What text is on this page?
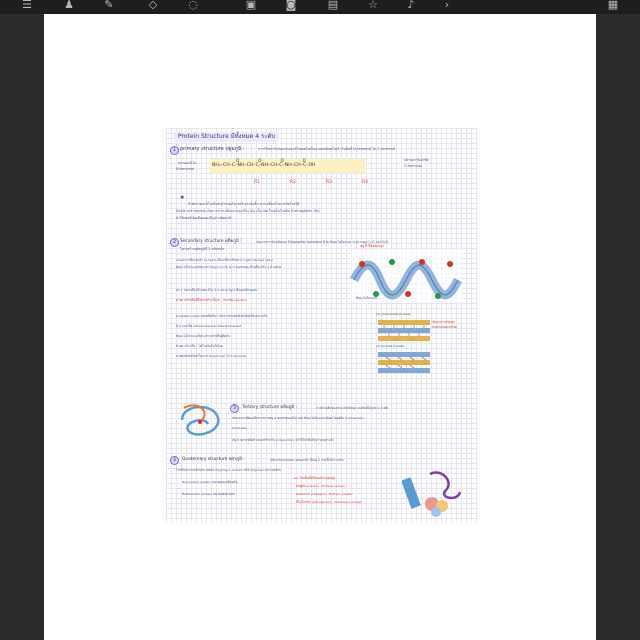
☰	♟	✎	◇	◌	▣	◙	▤	☆	♪	›	▦
Protein Structure มีทั้งหมด 4 ระดับ
1 primary structure ปฐมภูมิ :	การเรียงลำดับของกรดอะมิโนต่อกันเป็นสายพอลิเพปไทด์ เริ่มต้นที่ N-terminal ไป C-terminal
NH₂–CH–C–NH–CH–C–NH–CH–C–NH–CH–C–OH
O               O               O               O
R1	R2	R3	R4
ปลายอะมิโน
N-terminal
ปลายคาร์บอกซิล
C-terminal
✱
ลำดับกรดอะมิโนเป็นตัวกำหนดโครงสร้างระดับอื่น หากเปลี่ยนไปอาจเกิดโรคได้
Sickle cell anemia เกิดจากการเปลี่ยนกรดอะมิโน Glu เป็น Val ในเฮโมโกลบิน (hemoglobin, Hb)
ทำให้เซลล์เม็ดเลือดแดงมีรูปร่างผิดปกติ
2 Secondary structure ทุติยภูมิ :	เกิดจากการม้วนพับของ Polypeptide backbone ด้วย พันธะไฮโดรเจน ระหว่างหมู่ C=O และ N-H
โครงสร้างทุติยภูมิมี 2 ชนิดหลัก
α-helix เกลียวอัลฟา (α-helix) เป็นเกลียวเวียนขวา (right-handed helix)
พันธะไฮโดรเจนเกิดระหว่างหมู่ C=O กับ N-H ของกรดอะมิโนที่ห่างกัน 4 ตำแหน่ง
ทุก 1 รอบเกลียวมีกรดอะมิโน 3.6 หน่วย หมู่ R ยื่นออกด้านนอก
ตัวอย่างโปรตีนที่มีโครงสร้างนี้มาก : เคราติน (keratin)
β-pleated sheet แผ่นพลีทบีตา เกิดจากสายพอลิเพปไทด์เรียงขนานกัน
มี 2 แบบ คือ Antiparallel และ Parallel β-sheet
พันธะไฮโดรเจนเกิดระหว่างสายที่อยู่ติดกัน
ตัวอย่างโปรตีน : ไฟโบรอินในใยไหม
สายพอลิเพปไทด์เรียงจาก N-terminal ไป C-terminal
หมู่ R ยื่นออกนอก
พันธะไฮโดรเจน
(1) Antiparallel β-sheet
เส้นทางการเรียงตัว
ของสายพอลิเพปไทด์
(2) Parallel β-sheet
3	Tertiary structure ตติยภูมิ :	การม้วนพับของสาย (folding) จนเกิดเป็นรูปร่าง 3 มิติ
เกิดจากแรงยึดเหนี่ยวระหว่างหมู่ R ของกรดอะมิโน เช่น พันธะไฮโดรเจน พันธะไอออนิก 3-dimension
structure)
หมู่ R หลายชนิดทำอันตรกิริยากัน (interaction) ทำให้โปรตีนมีรูปร่างเฉพาะตัว
4	Quaternary structure จตุรภูมิ :	เกิดจากหน่วยย่อย (subunit) ตั้งแต่ 2 สายขึ้นไปรวมกัน
โปรตีนประกอบด้วยหน่วยย่อย Oligomeric protein หรือ Oligomer ประกอบด้วย
Homomeric protein หน่วยย่อยเหมือนกัน
Heteromeric protein หน่วยย่อยต่างกัน
ex. โปรตีนที่มีโครงสร้างจตุรภูมิ
- อินซูลิน (insulin) - Dimeric protein
- คอลลาเจน (collagen) - Trimeric protein
- ฮีโมโกลบิน (hemoglobin) - Tetrameric protein
